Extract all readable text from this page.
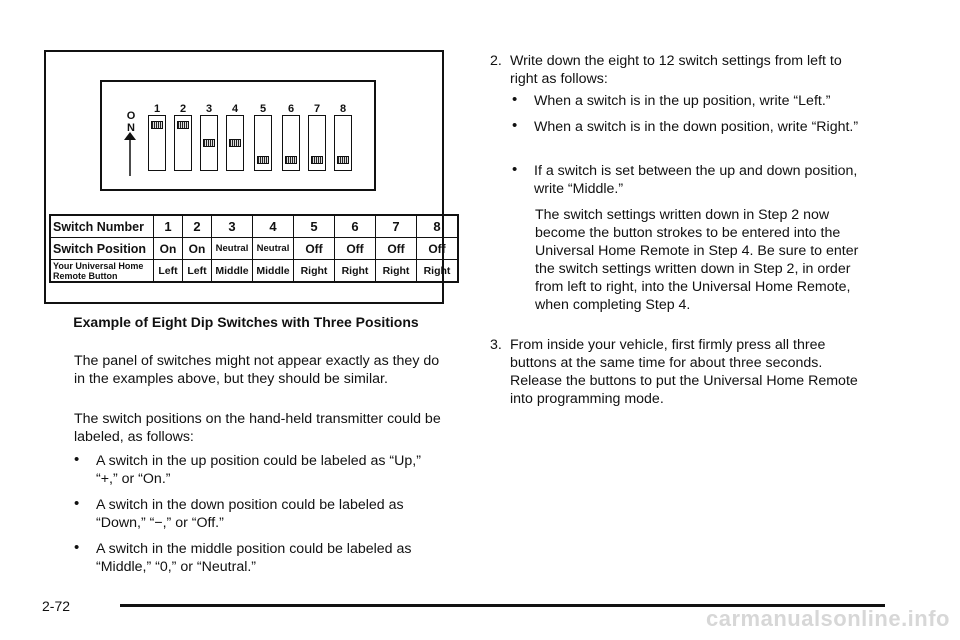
O
N
1	2	3	4	5	6	7	8
Switch Number	1	2	3	4	5	6	7	8
Switch Position	On	On	Neutral	Neutral	Off	Off	Off	Off
Your Universal Home Remote Button	Left	Left	Middle	Middle	Right	Right	Right	Right
Example of Eight Dip Switches with Three Positions
The panel of switches might not appear exactly as they do in the examples above, but they should be similar.
The switch positions on the hand-held transmitter could be labeled, as follows:
• A switch in the up position could be labeled as “Up,” “+,” or “On.”
• A switch in the down position could be labeled as “Down,” “−,” or “Off.”
• A switch in the middle position could be labeled as “Middle,” “0,” or “Neutral.”
2. Write down the eight to 12 switch settings from left to right as follows:
• When a switch is in the up position, write “Left.”
• When a switch is in the down position, write “Right.”
• If a switch is set between the up and down position, write “Middle.”
The switch settings written down in Step 2 now become the button strokes to be entered into the Universal Home Remote in Step 4. Be sure to enter the switch settings written down in Step 2, in order from left to right, into the Universal Home Remote, when completing Step 4.
3. From inside your vehicle, first firmly press all three buttons at the same time for about three seconds. Release the buttons to put the Universal Home Remote into programming mode.
2-72	carmanualsonline.info
